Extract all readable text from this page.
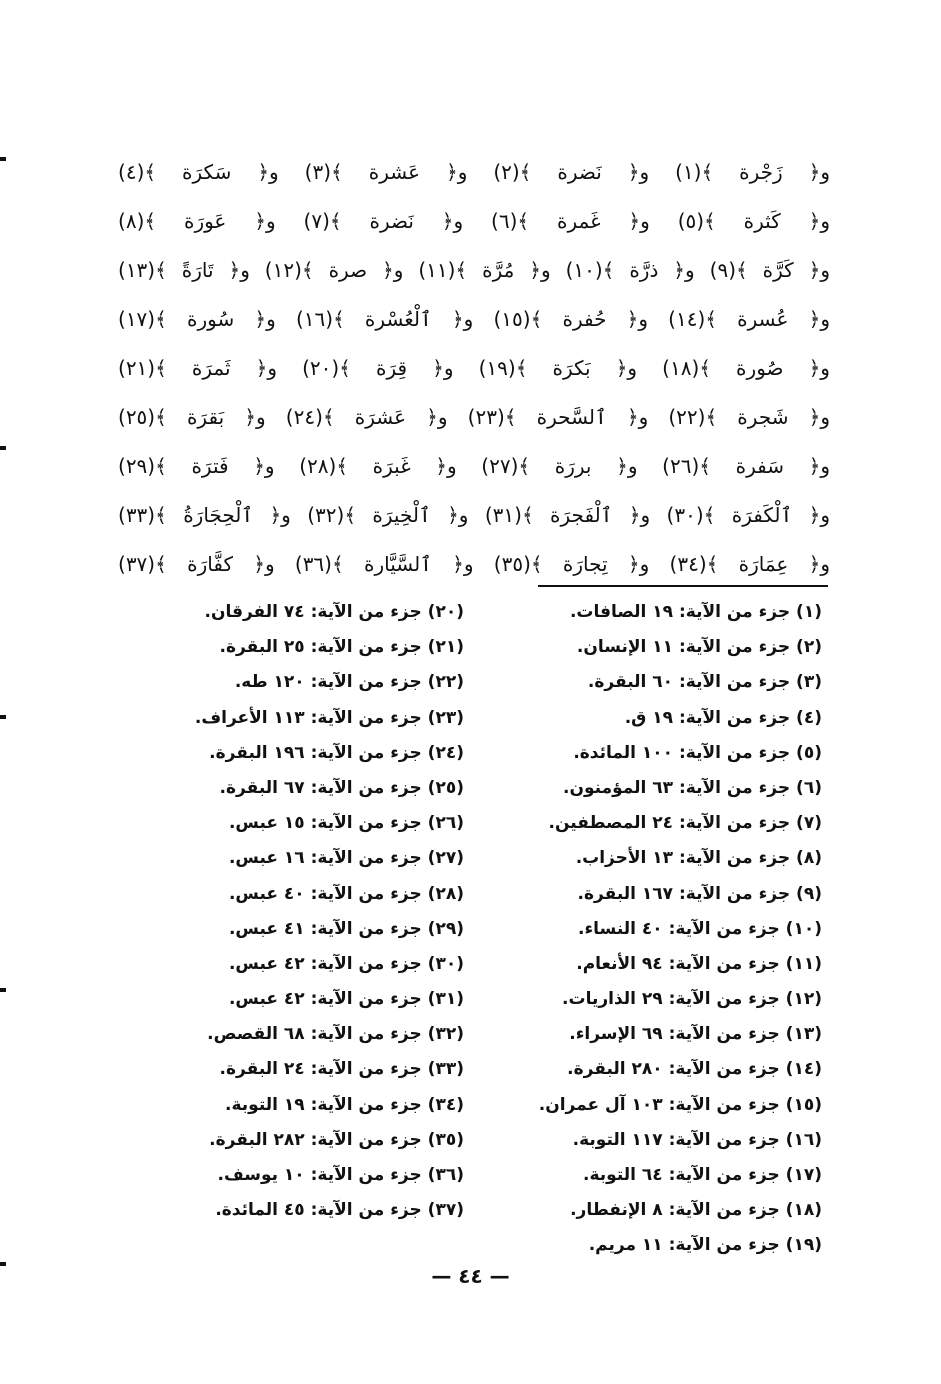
و﴿ زَجْرة ﴾(١) و﴿ نَضرة ﴾(٢) و﴿ عَشرة ﴾(٣) و﴿ سَكرَة ﴾(٤)
و﴿ كَثرة ﴾(٥) و﴿ غَمرة ﴾(٦) و﴿ نَضرة ﴾(٧) و﴿ عَورَة ﴾(٨)
و﴿ كَرَّة ﴾(٩) و﴿ ذرَّة ﴾(١٠) و﴿ مُرَّة ﴾(١١) و﴿ صرة ﴾(١٢) و﴿ تَارَةً ﴾(١٣)
و﴿ عُسرة ﴾(١٤) و﴿ حُفرة ﴾(١٥) و﴿ ٱلْعُسْرة ﴾(١٦) و﴿ سُورة ﴾(١٧)
و﴿ صُورة ﴾(١٨) و﴿ بَكرَة ﴾(١٩) و﴿ قِرَة ﴾(٢٠) و﴿ ثَمرَة ﴾(٢١)
و﴿ شَجرة ﴾(٢٢) و﴿ ٱلسَّحرة ﴾(٢٣) و﴿ عَشرَة ﴾(٢٤) و﴿ بَقرَة ﴾(٢٥)
و﴿ سَفرة ﴾(٢٦) و﴿ بررَة ﴾(٢٧) و﴿ غَبرَة ﴾(٢٨) و﴿ فَترَة ﴾(٢٩)
و﴿ ٱلْكَفرَة ﴾(٣٠) و﴿ ٱلْفَجرَة ﴾(٣١) و﴿ ٱلْخِيرَة ﴾(٣٢) و﴿ ٱلْحِجَارَةُ ﴾(٣٣)
و﴿ عِمَارَة ﴾(٣٤) و﴿ تِجارَة ﴾(٣٥) و﴿ ٱلسَّيَّارة ﴾(٣٦) و﴿ كفَّارَة ﴾(٣٧)
(١) جزء من الآية: ١٩ الصافات.
(٢) جزء من الآية: ١١ الإنسان.
(٣) جزء من الآية: ٦٠ البقرة.
(٤) جزء من الآية: ١٩ ق.
(٥) جزء من الآية: ١٠٠ المائدة.
(٦) جزء من الآية: ٦٣ المؤمنون.
(٧) جزء من الآية: ٢٤ المصطفين.
(٨) جزء من الآية: ١٣ الأحزاب.
(٩) جزء من الآية: ١٦٧ البقرة.
(١٠) جزء من الآية: ٤٠ النساء.
(١١) جزء من الآية: ٩٤ الأنعام.
(١٢) جزء من الآية: ٢٩ الذاريات.
(١٣) جزء من الآية: ٦٩ الإسراء.
(١٤) جزء من الآية: ٢٨٠ البقرة.
(١٥) جزء من الآية: ١٠٣ آل عمران.
(١٦) جزء من الآية: ١١٧ التوبة.
(١٧) جزء من الآية: ٦٤ التوبة.
(١٨) جزء من الآية: ٨ الإنفطار.
(١٩) جزء من الآية: ١١ مريم.
(٢٠) جزء من الآية: ٧٤ الفرقان.
(٢١) جزء من الآية: ٢٥ البقرة.
(٢٢) جزء من الآية: ١٢٠ طه.
(٢٣) جزء من الآية: ١١٣ الأعراف.
(٢٤) جزء من الآية: ١٩٦ البقرة.
(٢٥) جزء من الآية: ٦٧ البقرة.
(٢٦) جزء من الآية: ١٥ عبس.
(٢٧) جزء من الآية: ١٦ عبس.
(٢٨) جزء من الآية: ٤٠ عبس.
(٢٩) جزء من الآية: ٤١ عبس.
(٣٠) جزء من الآية: ٤٢ عبس.
(٣١) جزء من الآية: ٤٢ عبس.
(٣٢) جزء من الآية: ٦٨ القصص.
(٣٣) جزء من الآية: ٢٤ البقرة.
(٣٤) جزء من الآية: ١٩ التوبة.
(٣٥) جزء من الآية: ٢٨٢ البقرة.
(٣٦) جزء من الآية: ١٠ يوسف.
(٣٧) جزء من الآية: ٤٥ المائدة.
— ٤٤ —
